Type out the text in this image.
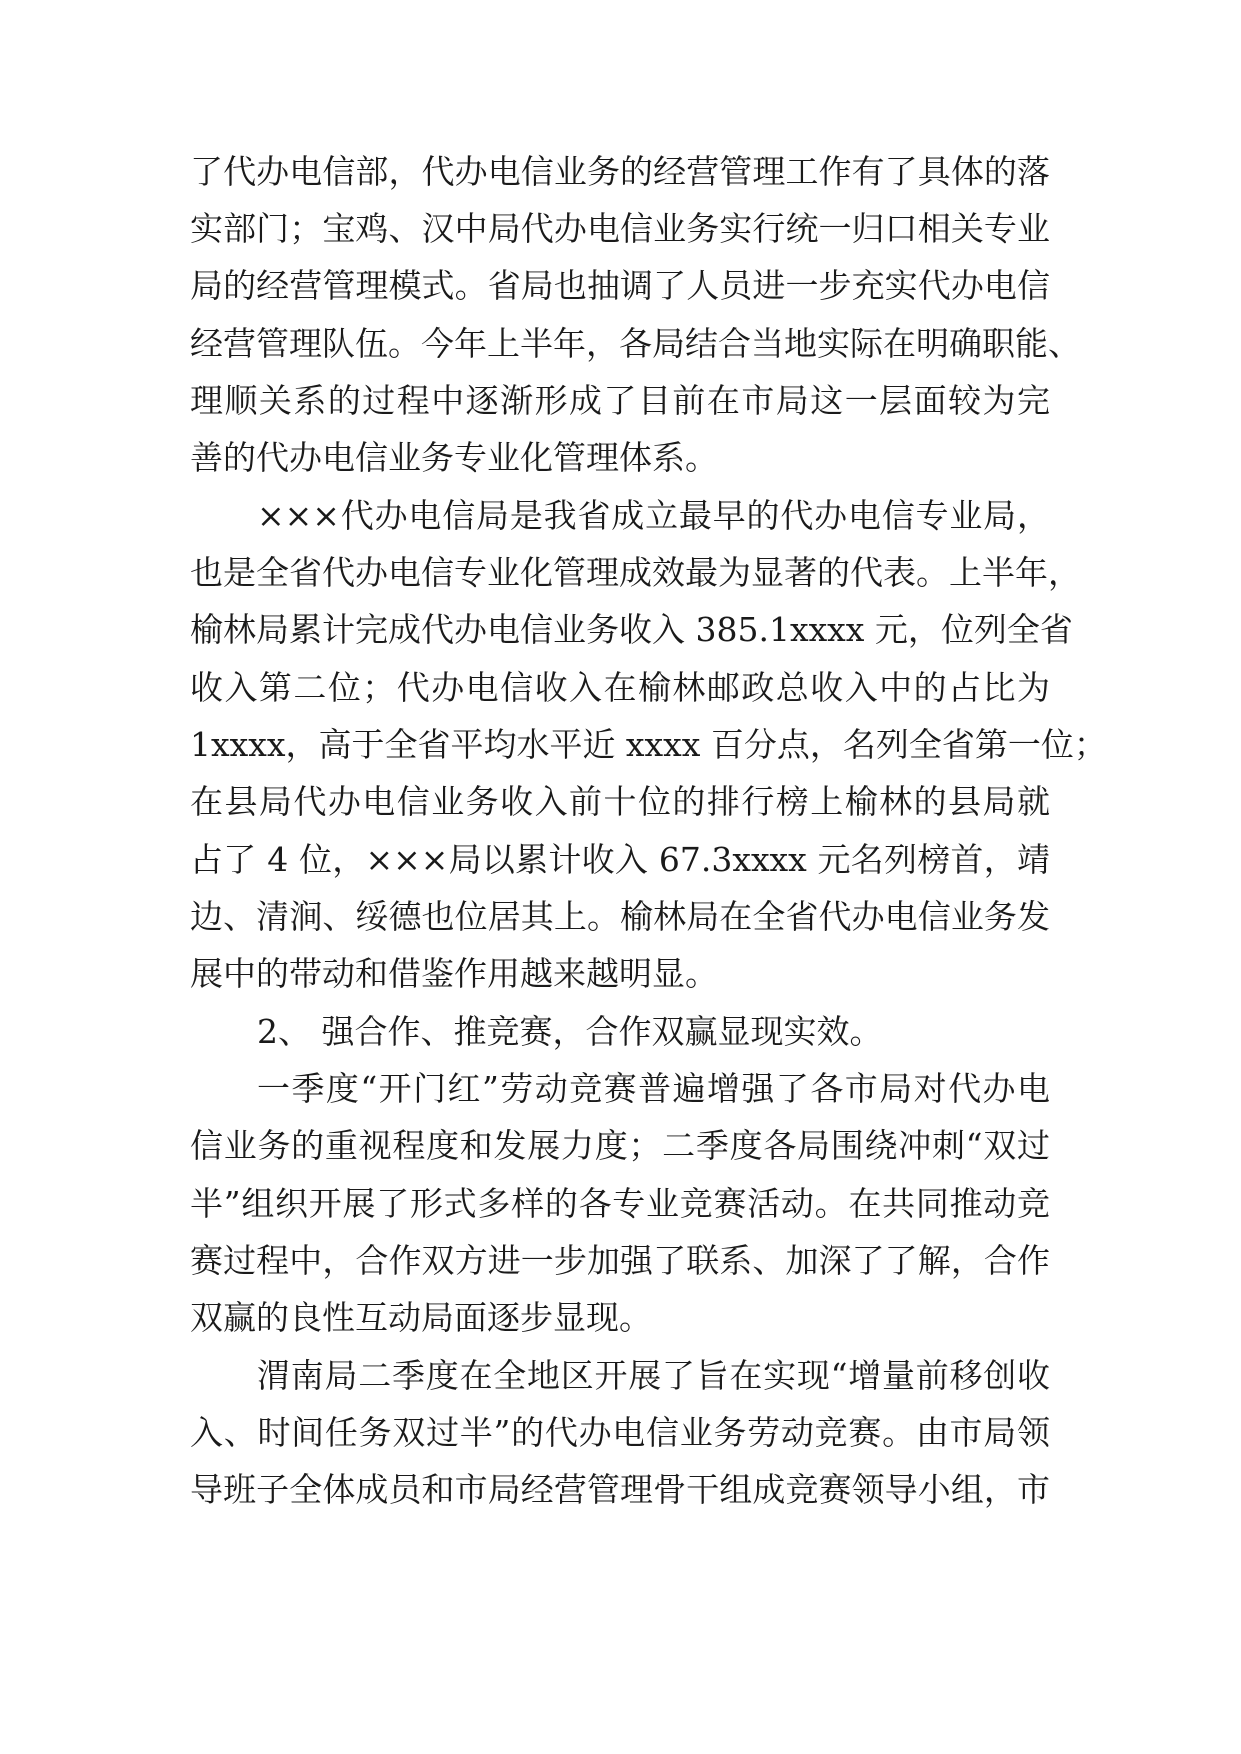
了代办电信部，代办电信业务的经营管理工作有了具体的落
实部门；宝鸡、汉中局代办电信业务实行统一归口相关专业
局的经营管理模式。省局也抽调了人员进一步充实代办电信
经营管理队伍。今年上半年，各局结合当地实际在明确职能、
理顺关系的过程中逐渐形成了目前在市局这一层面较为完
善的代办电信业务专业化管理体系。
×××代办电信局是我省成立最早的代办电信专业局，
也是全省代办电信专业化管理成效最为显著的代表。上半年，
榆林局累计完成代办电信业务收入 385.1xxxx 元，位列全省
收入第二位；代办电信收入在榆林邮政总收入中的占比为
1xxxx，高于全省平均水平近 xxxx 百分点，名列全省第一位；
在县局代办电信业务收入前十位的排行榜上榆林的县局就
占了 4 位，×××局以累计收入 67.3xxxx 元名列榜首，靖
边、清涧、绥德也位居其上。榆林局在全省代办电信业务发
展中的带动和借鉴作用越来越明显。
2、 强合作、推竞赛，合作双赢显现实效。
一季度“开门红”劳动竞赛普遍增强了各市局对代办电
信业务的重视程度和发展力度；二季度各局围绕冲刺“双过
半”组织开展了形式多样的各专业竞赛活动。在共同推动竞
赛过程中，合作双方进一步加强了联系、加深了了解，合作
双赢的良性互动局面逐步显现。
渭南局二季度在全地区开展了旨在实现“增量前移创收
入、时间任务双过半”的代办电信业务劳动竞赛。由市局领
导班子全体成员和市局经营管理骨干组成竞赛领导小组，市
